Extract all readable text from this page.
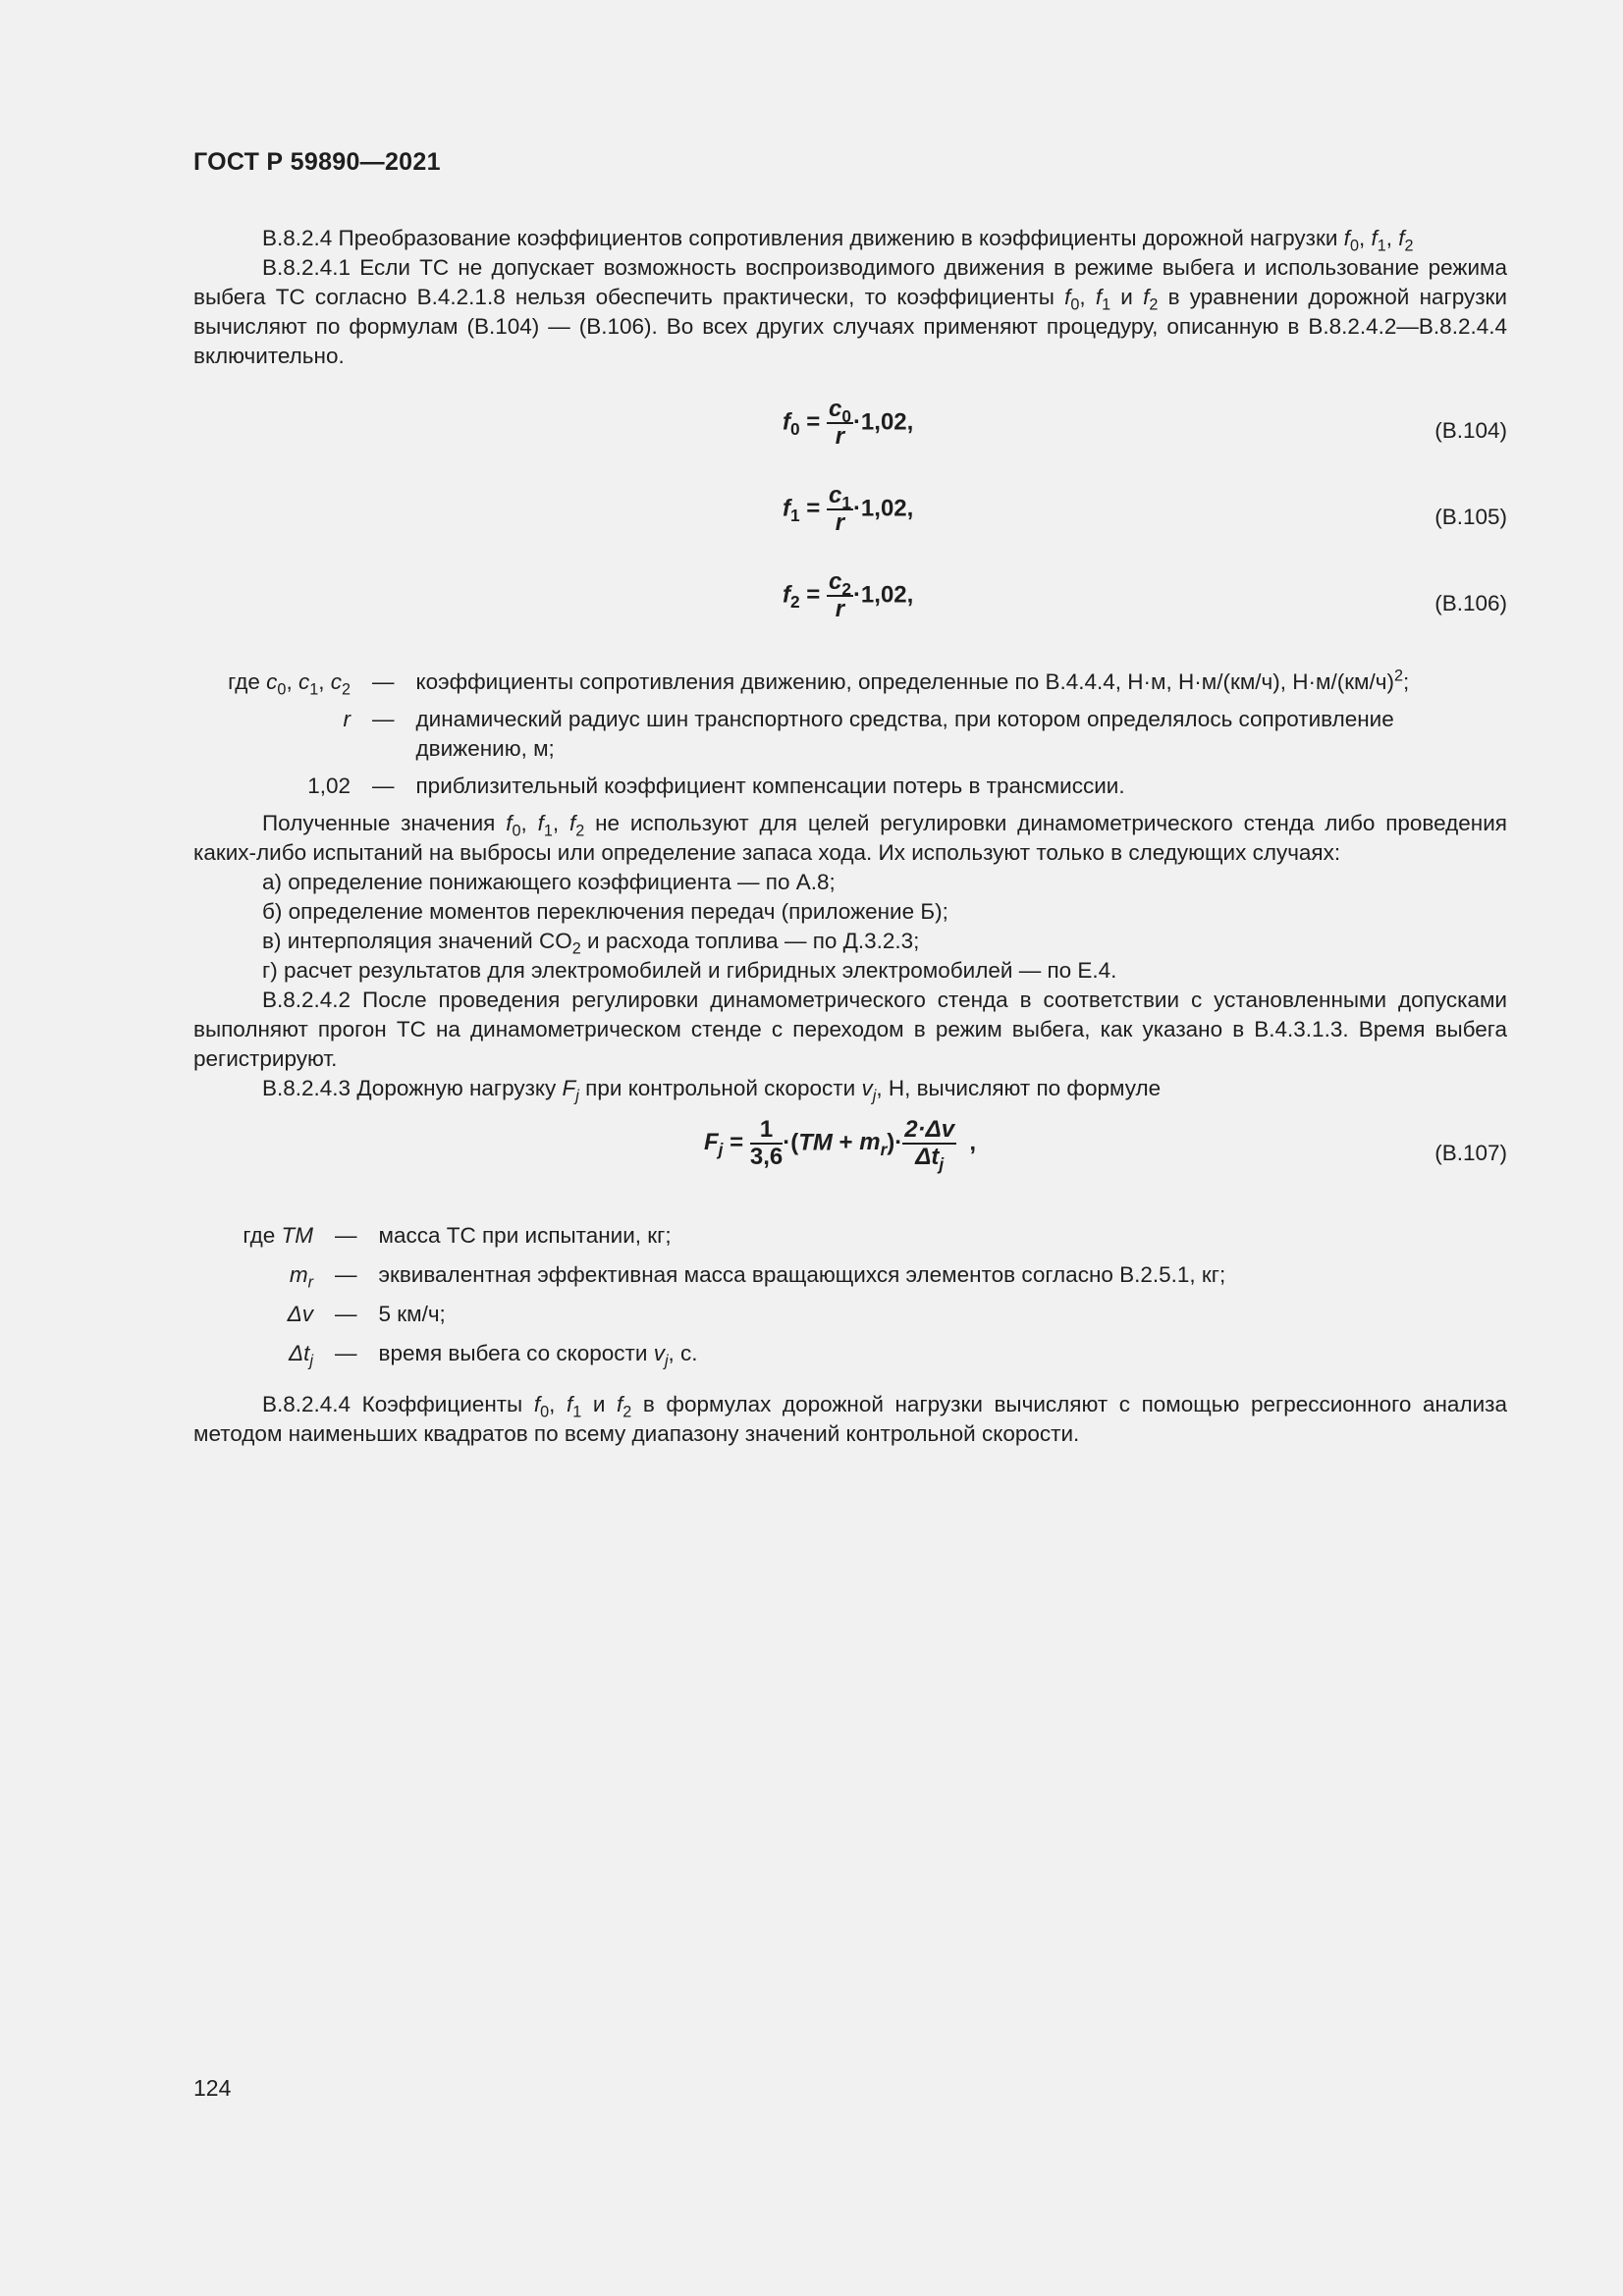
ГОСТ Р 59890—2021

В.8.2.4 Преобразование коэффициентов сопротивления движению в коэффициенты дорожной нагрузки $f_0$, $f_1$, $f_2$

В.8.2.4.1 Если ТС не допускает возможность воспроизводимого движения в режиме выбега и использование режима выбега ТС согласно В.4.2.1.8 нельзя обеспечить практически, то коэффициенты $f_0$, $f_1$ и $f_2$ в уравнении дорожной нагрузки вычисляют по формулам (В.104) — (В.106). Во всех других случаях применяют процедуру, описанную в В.8.2.4.2—В.8.2.4.4 включительно.

$f_0 = \frac{c_0}{r} \cdot 1,02$,	(В.104)
$f_1 = \frac{c_1}{r} \cdot 1,02$,	(В.105)
$f_2 = \frac{c_2}{r} \cdot 1,02$,	(В.106)
где $c_0$, $c_1$, $c_2$	—	коэффициенты сопротивления движению, определенные по В.4.4.4, Н·м, Н·м/(км/ч), $Н\cdot м/(км/ч)^2$;
r	—	динамический радиус шин транспортного средства, при котором определялось сопротивление движению, м;
1,02	—	приблизительный коэффициент компенсации потерь в трансмиссии.

Полученные значения $f_0$, $f_1$, $f_2$ не используют для целей регулировки динамометрического стенда либо проведения каких-либо испытаний на выбросы или определение запаса хода. Их используют только в следующих случаях:

а) определение понижающего коэффициента — по А.8;

б) определение моментов переключения передач (приложение Б);

в) интерполяция значений $CO_2$ и расхода топлива — по Д.3.2.3;

г) расчет результатов для электромобилей и гибридных электромобилей — по Е.4.

В.8.2.4.2 После проведения регулировки динамометрического стенда в соответствии с установленными допусками выполняют прогон ТС на динамометрическом стенде с переходом в режим выбега, как указано в В.4.3.1.3. Время выбега регистрируют.

В.8.2.4.3 Дорожную нагрузку $F_j$ при контрольной скорости $v_j$, Н, вычисляют по формуле

$F_j = \frac{1}{3,6} \cdot(TM + m_r)\cdot \frac{2\cdot\Delta v}{\Delta t_j}$ ,	(В.107)
где TM	—	масса ТС при испытании, кг;
$m_r$	—	эквивалентная эффективная масса вращающихся элементов согласно В.2.5.1, кг;
Δv	—	5 км/ч;
$\Delta t_j$	—	время выбега со скорости $v_j$, с.

В.8.2.4.4 Коэффициенты $f_0$, $f_1$ и $f_2$ в формулах дорожной нагрузки вычисляют с помощью регрессионного анализа методом наименьших квадратов по всему диапазону значений контрольной скорости.

124
